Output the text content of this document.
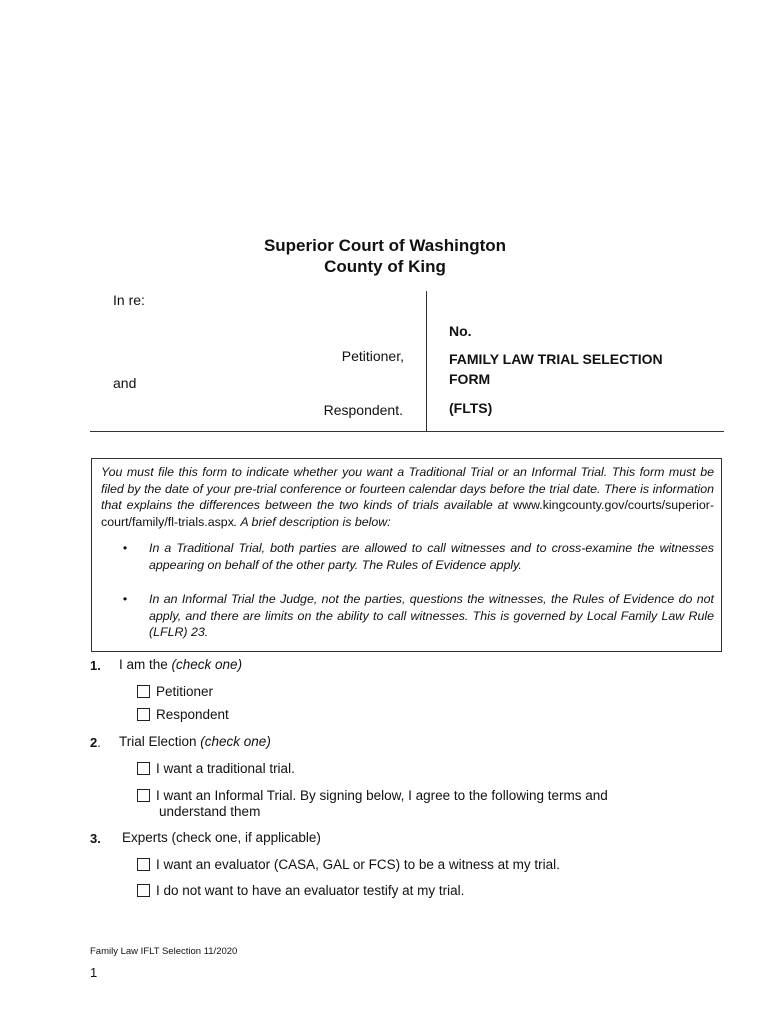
Superior Court of Washington
County of King
In re:
Petitioner,
and
Respondent.
No.
FAMILY LAW TRIAL SELECTION
FORM
(FLTS)
You must file this form to indicate whether you want a Traditional Trial or an Informal Trial. This form must be filed by the date of your pre-trial conference or fourteen calendar days before the trial date. There is information that explains the differences between the two kinds of trials available at www.kingcounty.gov/courts/superior-court/family/fl-trials.aspx. A brief description is below:
•	In a Traditional Trial, both parties are allowed to call witnesses and to cross-examine the witnesses appearing on behalf of the other party. The Rules of Evidence apply.
•	In an Informal Trial the Judge, not the parties, questions the witnesses, the Rules of Evidence do not apply, and there are limits on the ability to call witnesses. This is governed by Local Family Law Rule (LFLR) 23.
1. I am the (check one)
Petitioner
Respondent
2. Trial Election (check one)
I want a traditional trial.
I want an Informal Trial. By signing below, I agree to the following terms and
understand them
3. Experts (check one, if applicable)
I want an evaluator (CASA, GAL or FCS) to be a witness at my trial.
I do not want to have an evaluator testify at my trial.
Family Law IFLT Selection 11/2020
1
